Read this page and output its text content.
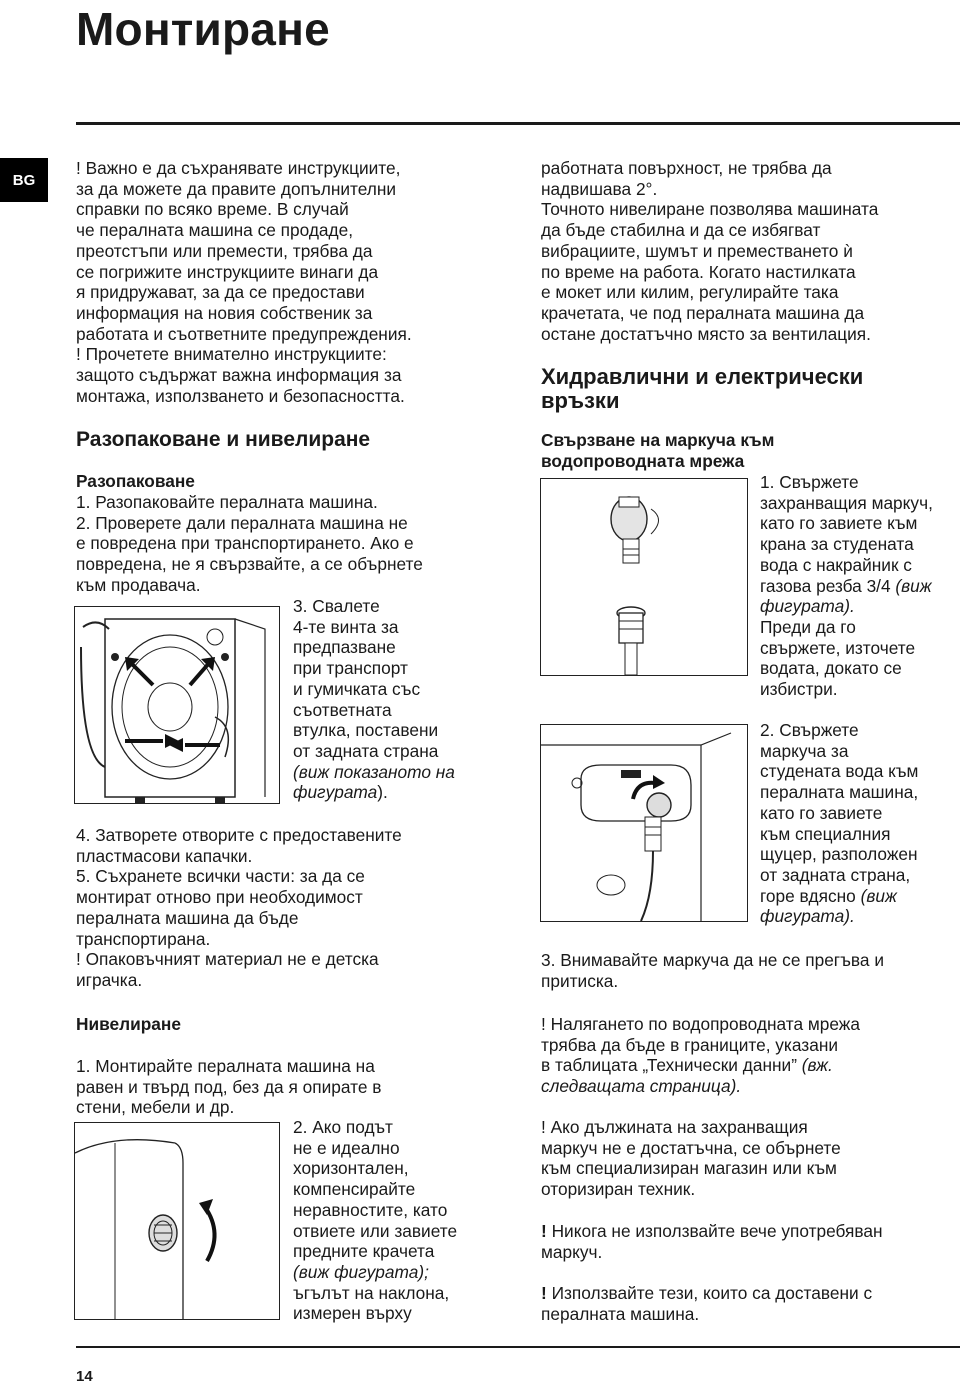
Монтиране
BG
! Важно е да съхранявате инструкциите,
за да можете да правите допълнителни
справки по всяко време. В случай
че пералната машина се продаде,
преотстъпи или премести, трябва да
се погрижите инструкциите винаги да
я придружават, за да се предостави
информация на новия собственик за
работата и съответните предупреждения.
! Прочетете внимателно инструкциите:
защото съдържат важна информация за
монтажа, използването и безопасността.
Разопаковане и нивелиране
Разопаковане
1. Разопаковайте пералната машина.
2. Проверете дали пералната машина не
е повредена при транспортирането. Ако е
повредена, не я свързвайте, а се обърнете
към продавача.
3. Свалете
4-те винта за
предпазване
при транспорт
и гумичката със
съответната
втулка, поставени
от задната страна
(виж показаното на
фигурата).
4. Затворете отворите с предоставените
пластмасови капачки.
5. Съхранете всички части: за да се
монтират отново при необходимост
пералната машина да бъде
транспортирана.
! Опаковъчният материал не е детска
играчка.
Нивелиране
1. Монтирайте пералната машина на
равен и твърд под, без да я опирате в
стени, мебели и др.
2. Ако подът
не е идеално
хоризонтален,
компенсирайте
неравностите, като
отвиете или завиете
предните крачета
(виж фигурата);
ъгълът на наклона,
измерен върху
работната повърхност, не трябва да
надвишава 2°.
Точното нивелиране позволява машината
да бъде стабилна и да се избягват
вибрациите, шумът и преместването ѝ
по време на работа. Когато настилката
е мокет или килим, регулирайте така
крачетата, че под пералната машина да
остане достатъчно място за вентилация.
Хидравлични и електрически
връзки
Свързване на маркуча към
водопроводната мрежа
1. Свържете
захранващия маркуч,
като го завиете към
крана за студената
вода с накрайник с
газова резба 3/4 (виж
фигурата).
Преди да го
свържете, източете
водата, докато се
избистри.
2. Свържете
маркуча за
студената вода към
пералната машина,
като го завиете
към специалния
щуцер, разположен
от задната страна,
горе вдясно (виж
фигурата).
3. Внимавайте маркуча да не се прегъва и
притиска.
! Налягането по водопроводната мрежа
трябва да бъде в границите, указани
в таблицата „Технически данни” (вж.
следващата страница).
! Ако дължината на захранващия
маркуч не е достатъчна, се обърнете
към специализиран магазин или към
оторизиран техник.
! Никога не използвайте вече употребяван
маркуч.
! Използвайте тези, които са доставени с
пералната машина.
14
